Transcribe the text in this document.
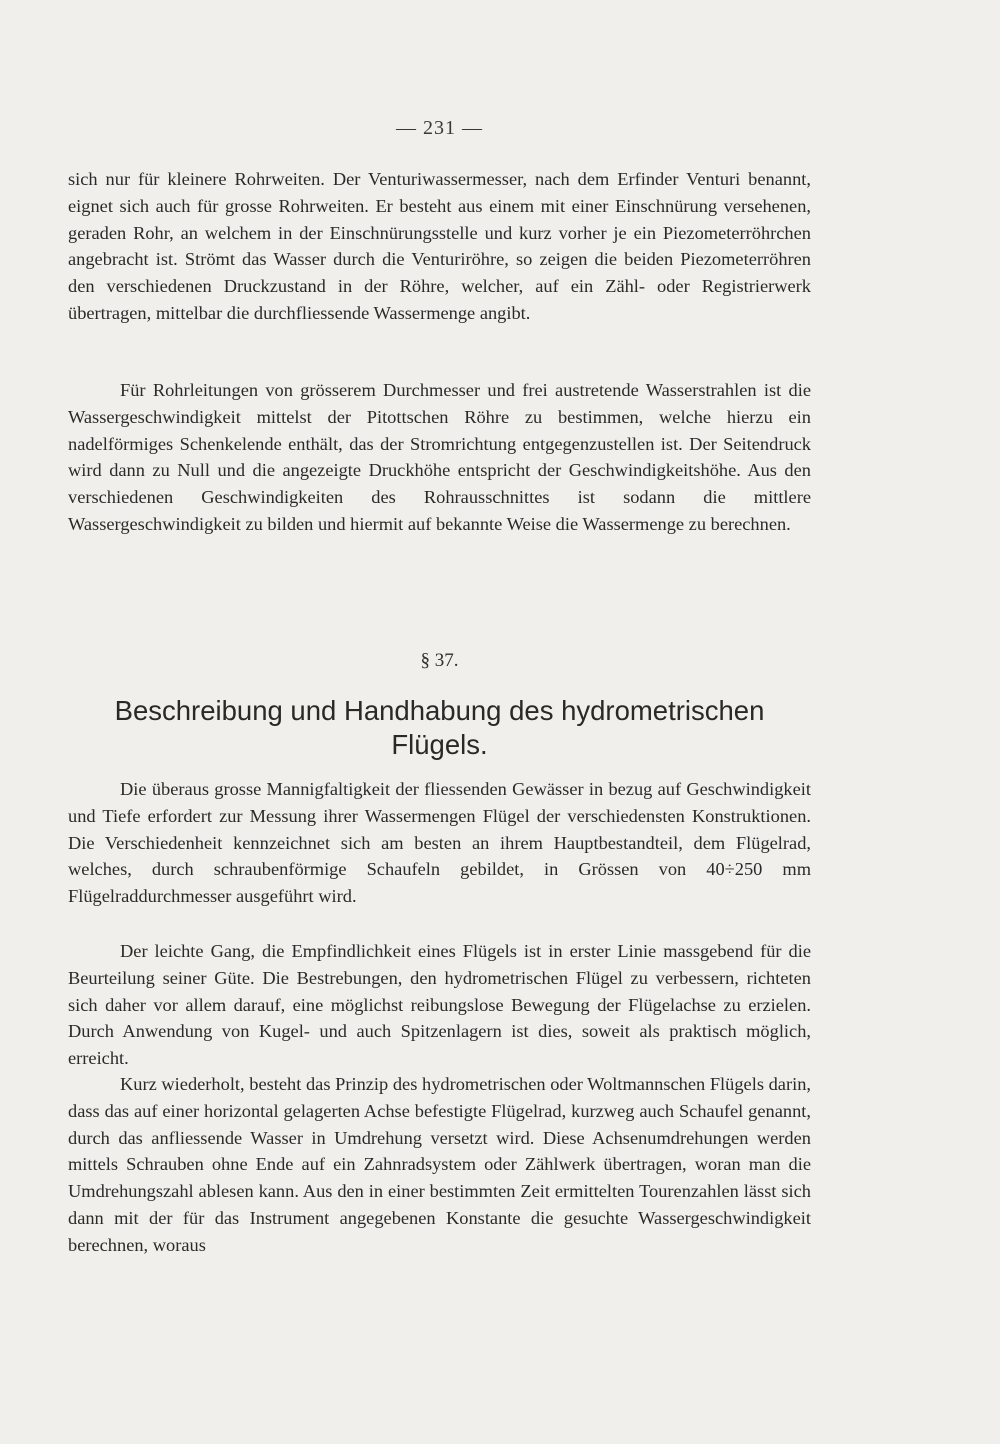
— 231 —

sich nur für kleinere Rohrweiten. Der Venturiwassermesser, nach dem Erfinder Venturi benannt, eignet sich auch für grosse Rohrweiten. Er besteht aus einem mit einer Einschnürung versehenen, geraden Rohr, an welchem in der Einschnürungsstelle und kurz vorher je ein Piezometerröhrchen angebracht ist. Strömt das Wasser durch die Venturiröhre, so zeigen die beiden Piezometerröhren den verschiedenen Druckzustand in der Röhre, welcher, auf ein Zähl- oder Registrierwerk übertragen, mittelbar die durchfliessende Wassermenge angibt.

Für Rohrleitungen von grösserem Durchmesser und frei austretende Wasserstrahlen ist die Wassergeschwindigkeit mittelst der Pitottschen Röhre zu bestimmen, welche hierzu ein nadelförmiges Schenkelende enthält, das der Stromrichtung entgegenzustellen ist. Der Seitendruck wird dann zu Null und die angezeigte Druckhöhe entspricht der Geschwindigkeitshöhe. Aus den verschiedenen Geschwindigkeiten des Rohrausschnittes ist sodann die mittlere Wassergeschwindigkeit zu bilden und hiermit auf bekannte Weise die Wassermenge zu berechnen.

§ 37.
Beschreibung und Handhabung des hydrometrischen
Flügels.

Die überaus grosse Mannigfaltigkeit der fliessenden Gewässer in bezug auf Geschwindigkeit und Tiefe erfordert zur Messung ihrer Wassermengen Flügel der verschiedensten Konstruktionen. Die Verschiedenheit kennzeichnet sich am besten an ihrem Hauptbestandteil, dem Flügelrad, welches, durch schraubenförmige Schaufeln gebildet, in Grössen von 40÷250 mm Flügelraddurchmesser ausgeführt wird.

Der leichte Gang, die Empfindlichkeit eines Flügels ist in erster Linie massgebend für die Beurteilung seiner Güte. Die Bestrebungen, den hydrometrischen Flügel zu verbessern, richteten sich daher vor allem darauf, eine möglichst reibungslose Bewegung der Flügelachse zu erzielen. Durch Anwendung von Kugel- und auch Spitzenlagern ist dies, soweit als praktisch möglich, erreicht.

Kurz wiederholt, besteht das Prinzip des hydrometrischen oder Woltmannschen Flügels darin, dass das auf einer horizontal gelagerten Achse befestigte Flügelrad, kurzweg auch Schaufel genannt, durch das anfliessende Wasser in Umdrehung versetzt wird. Diese Achsenumdrehungen werden mittels Schrauben ohne Ende auf ein Zahnradsystem oder Zählwerk übertragen, woran man die Umdrehungszahl ablesen kann. Aus den in einer bestimmten Zeit ermittelten Tourenzahlen lässt sich dann mit der für das Instrument angegebenen Konstante die gesuchte Wassergeschwindigkeit berechnen, woraus
